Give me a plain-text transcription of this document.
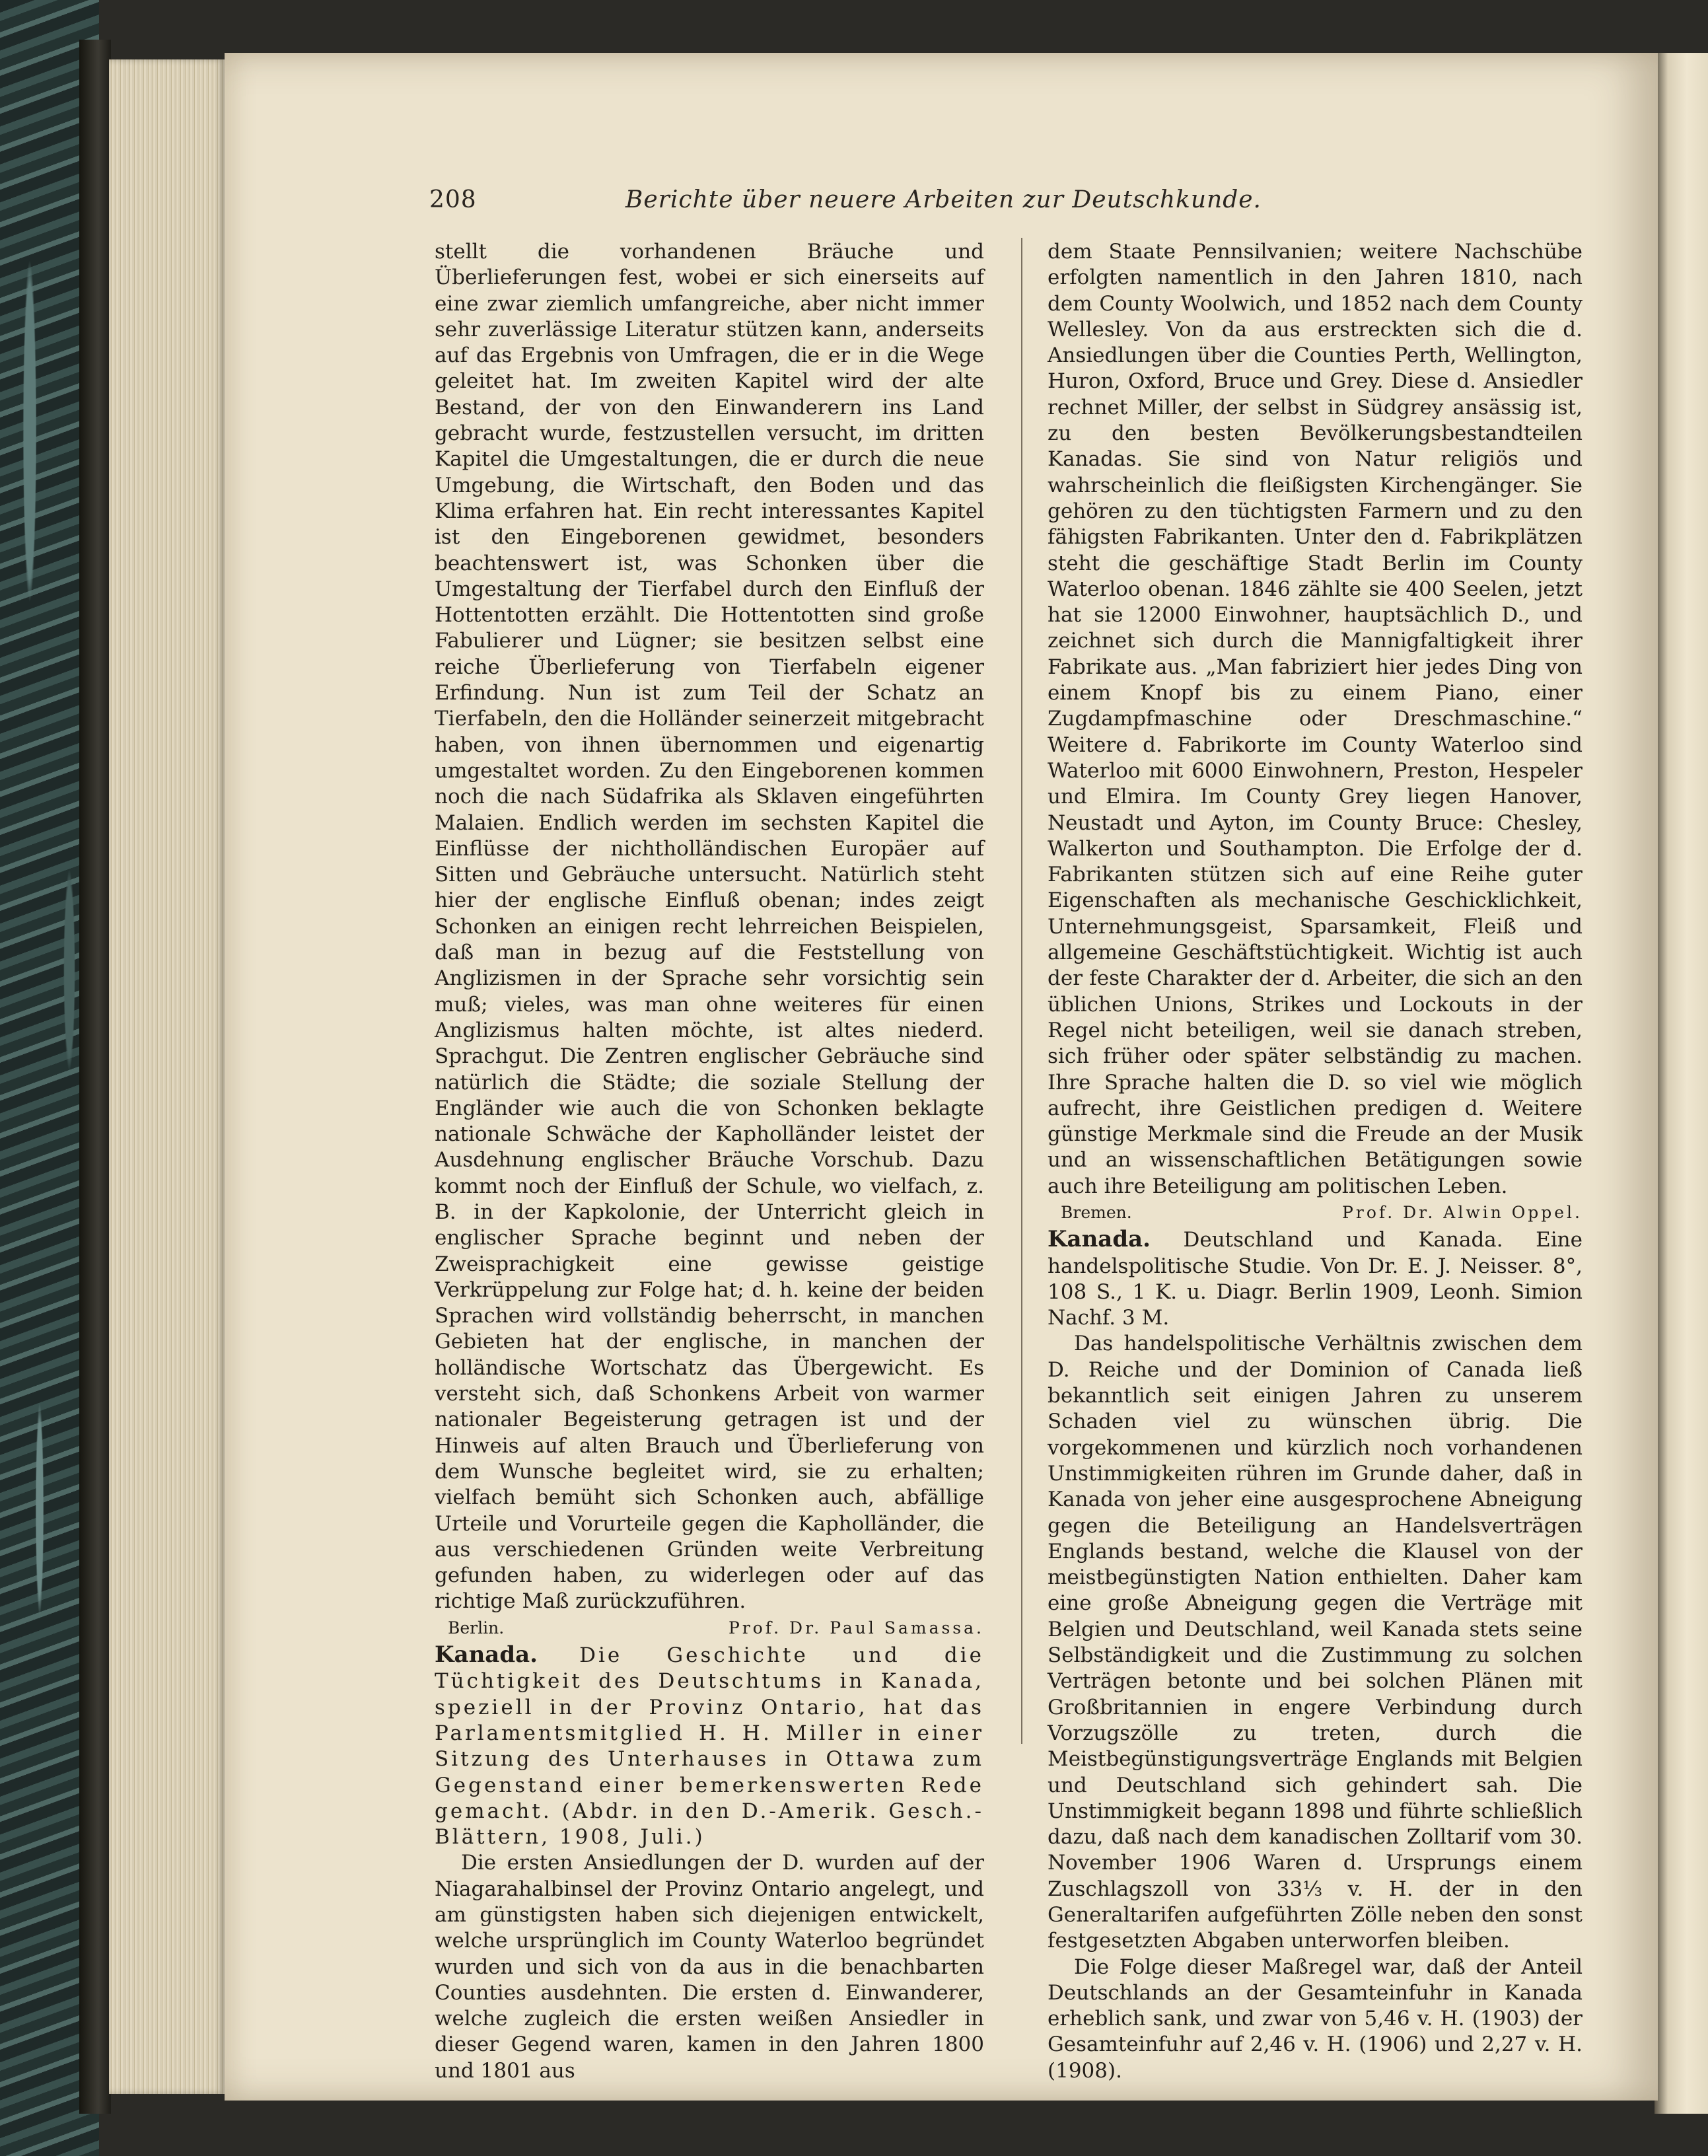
208	Berichte über neuere Arbeiten zur Deutschkunde.

stellt die vorhandenen Bräuche und Überlieferungen fest, wobei er sich einerseits auf eine zwar ziemlich umfangreiche, aber nicht immer sehr zuverlässige Literatur stützen kann, anderseits auf das Ergebnis von Umfragen, die er in die Wege geleitet hat. Im zweiten Kapitel wird der alte Bestand, der von den Einwanderern ins Land gebracht wurde, festzustellen versucht, im dritten Kapitel die Umgestaltungen, die er durch die neue Umgebung, die Wirtschaft, den Boden und das Klima erfahren hat. Ein recht interessantes Kapitel ist den Eingeborenen gewidmet, besonders beachtenswert ist, was Schonken über die Umgestaltung der Tierfabel durch den Einfluß der Hottentotten erzählt. Die Hottentotten sind große Fabulierer und Lügner; sie besitzen selbst eine reiche Überlieferung von Tierfabeln eigener Erfindung. Nun ist zum Teil der Schatz an Tierfabeln, den die Holländer seinerzeit mitgebracht haben, von ihnen übernommen und eigenartig umgestaltet worden. Zu den Eingeborenen kommen noch die nach Südafrika als Sklaven eingeführten Malaien. Endlich werden im sechsten Kapitel die Einflüsse der nichtholländischen Europäer auf Sitten und Gebräuche untersucht. Natürlich steht hier der englische Einfluß obenan; indes zeigt Schonken an einigen recht lehrreichen Beispielen, daß man in bezug auf die Feststellung von Anglizismen in der Sprache sehr vorsichtig sein muß; vieles, was man ohne weiteres für einen Anglizismus halten möchte, ist altes niederd. Sprachgut. Die Zentren englischer Gebräuche sind natürlich die Städte; die soziale Stellung der Engländer wie auch die von Schonken beklagte nationale Schwäche der Kapholländer leistet der Ausdehnung englischer Bräuche Vorschub. Dazu kommt noch der Einfluß der Schule, wo vielfach, z. B. in der Kapkolonie, der Unterricht gleich in englischer Sprache beginnt und neben der Zweisprachigkeit eine gewisse geistige Verkrüppelung zur Folge hat; d. h. keine der beiden Sprachen wird vollständig beherrscht, in manchen Gebieten hat der englische, in manchen der holländische Wortschatz das Übergewicht. Es versteht sich, daß Schonkens Arbeit von warmer nationaler Begeisterung getragen ist und der Hinweis auf alten Brauch und Überlieferung von dem Wunsche begleitet wird, sie zu erhalten; vielfach bemüht sich Schonken auch, abfällige Urteile und Vorurteile gegen die Kapholländer, die aus verschiedenen Gründen weite Verbreitung gefunden haben, zu widerlegen oder auf das richtige Maß zurückzuführen.

Berlin.	Prof. Dr. Paul Samassa.

Kanada. Die Geschichte und die Tüchtigkeit des Deutschtums in Kanada, speziell in der Provinz Ontario, hat das Parlamentsmitglied H. H. Miller in einer Sitzung des Unterhauses in Ottawa zum Gegenstand einer bemerkenswerten Rede gemacht. (Abdr. in den D.-Amerik. Gesch.-Blättern, 1908, Juli.)

Die ersten Ansiedlungen der D. wurden auf der Niagarahalbinsel der Provinz Ontario angelegt, und am günstigsten haben sich diejenigen entwickelt, welche ursprünglich im County Waterloo begründet wurden und sich von da aus in die benachbarten Counties ausdehnten. Die ersten d. Einwanderer, welche zugleich die ersten weißen Ansiedler in dieser Gegend waren, kamen in den Jahren 1800 und 1801 aus

dem Staate Pennsilvanien; weitere Nachschübe erfolgten namentlich in den Jahren 1810, nach dem County Woolwich, und 1852 nach dem County Wellesley. Von da aus erstreckten sich die d. Ansiedlungen über die Counties Perth, Wellington, Huron, Oxford, Bruce und Grey. Diese d. Ansiedler rechnet Miller, der selbst in Südgrey ansässig ist, zu den besten Bevölkerungsbestandteilen Kanadas. Sie sind von Natur religiös und wahrscheinlich die fleißigsten Kirchengänger. Sie gehören zu den tüchtigsten Farmern und zu den fähigsten Fabrikanten. Unter den d. Fabrikplätzen steht die geschäftige Stadt Berlin im County Waterloo obenan. 1846 zählte sie 400 Seelen, jetzt hat sie 12000 Einwohner, hauptsächlich D., und zeichnet sich durch die Mannigfaltigkeit ihrer Fabrikate aus. „Man fabriziert hier jedes Ding von einem Knopf bis zu einem Piano, einer Zugdampfmaschine oder Dreschmaschine.“ Weitere d. Fabrikorte im County Waterloo sind Waterloo mit 6000 Einwohnern, Preston, Hespeler und Elmira. Im County Grey liegen Hanover, Neustadt und Ayton, im County Bruce: Chesley, Walkerton und Southampton. Die Erfolge der d. Fabrikanten stützen sich auf eine Reihe guter Eigenschaften als mechanische Geschicklichkeit, Unternehmungsgeist, Sparsamkeit, Fleiß und allgemeine Geschäftstüchtigkeit. Wichtig ist auch der feste Charakter der d. Arbeiter, die sich an den üblichen Unions, Strikes und Lockouts in der Regel nicht beteiligen, weil sie danach streben, sich früher oder später selbständig zu machen. Ihre Sprache halten die D. so viel wie möglich aufrecht, ihre Geistlichen predigen d. Weitere günstige Merkmale sind die Freude an der Musik und an wissenschaftlichen Betätigungen sowie auch ihre Beteiligung am politischen Leben.

Bremen.	Prof. Dr. Alwin Oppel.

Kanada. Deutschland und Kanada. Eine handelspolitische Studie. Von Dr. E. J. Neisser. 8°, 108 S., 1 K. u. Diagr. Berlin 1909, Leonh. Simion Nachf. 3 M.

Das handelspolitische Verhältnis zwischen dem D. Reiche und der Dominion of Canada ließ bekanntlich seit einigen Jahren zu unserem Schaden viel zu wünschen übrig. Die vorgekommenen und kürzlich noch vorhandenen Unstimmigkeiten rühren im Grunde daher, daß in Kanada von jeher eine ausgesprochene Abneigung gegen die Beteiligung an Handelsverträgen Englands bestand, welche die Klausel von der meistbegünstigten Nation enthielten. Daher kam eine große Abneigung gegen die Verträge mit Belgien und Deutschland, weil Kanada stets seine Selbständigkeit und die Zustimmung zu solchen Verträgen betonte und bei solchen Plänen mit Großbritannien in engere Verbindung durch Vorzugszölle zu treten, durch die Meistbegünstigungsverträge Englands mit Belgien und Deutschland sich gehindert sah. Die Unstimmigkeit begann 1898 und führte schließlich dazu, daß nach dem kanadischen Zolltarif vom 30. November 1906 Waren d. Ursprungs einem Zuschlagszoll von 33⅓ v. H. der in den Generaltarifen aufgeführten Zölle neben den sonst festgesetzten Abgaben unterworfen bleiben.

Die Folge dieser Maßregel war, daß der Anteil Deutschlands an der Gesamteinfuhr in Kanada erheblich sank, und zwar von 5,46 v. H. (1903) der Gesamteinfuhr auf 2,46 v. H. (1906) und 2,27 v. H. (1908).
